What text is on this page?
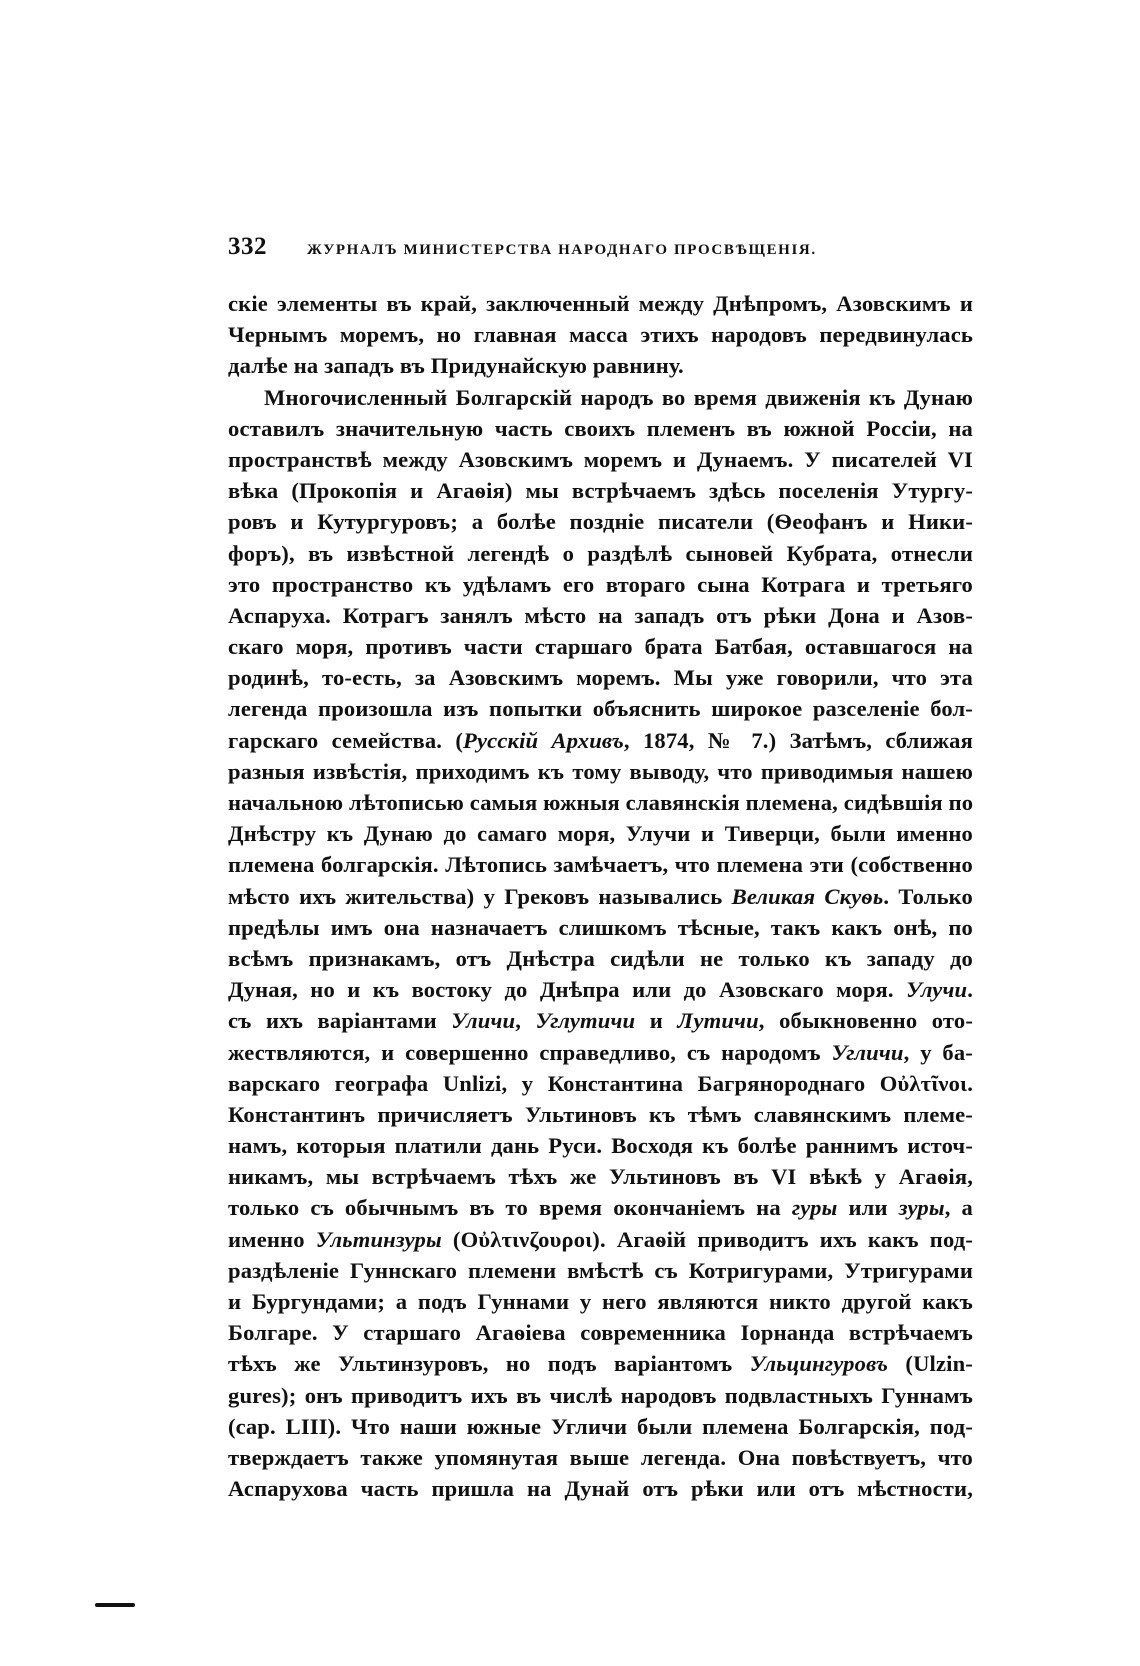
332	ЖУРНАЛЪ МИНИСТЕРСТВА НАРОДНАГО ПРОСВѢЩЕНІЯ.
скіе элементы въ край, заключенный между Днѣпромъ, Азовскимъ и
Чернымъ моремъ, но главная масса этихъ народовъ передвинулась
далѣе на западъ въ Придунайскую равнину.
Многочисленный Болгарскій народъ во время движенія къ Дунаю
оставилъ значительную часть своихъ племенъ въ южной Россіи, на
пространствѣ между Азовскимъ моремъ и Дунаемъ. У писателей VI
вѣка (Прокопія и Агаѳія) мы встрѣчаемъ здѣсь поселенія Утургу-
ровъ и Кутургуровъ; а болѣе поздніе писатели (Ѳеофанъ и Ники-
форъ), въ извѣстной легендѣ о раздѣлѣ сыновей Кубрата, отнесли
это пространство къ удѣламъ его втораго сына Котрага и третьяго
Аспаруха. Котрагъ занялъ мѣсто на западъ отъ рѣки Дона и Азов-
скаго моря, противъ части старшаго брата Батбая, оставшагося на
родинѣ, то-есть, за Азовскимъ моремъ. Мы уже говорили, что эта
легенда произошла изъ попытки объяснить широкое разселеніе бол-
гарскаго семейства. (Русскій Архивъ, 1874, № 7.) Затѣмъ, сближая
разныя извѣстія, приходимъ къ тому выводу, что приводимыя нашею
начальною лѣтописью самыя южныя славянскія племена, сидѣвшія по
Днѣстру къ Дунаю до самаго моря, Улучи и Тиверци, были именно
племена болгарскія. Лѣтопись замѣчаетъ, что племена эти (собственно
мѣсто ихъ жительства) у Грековъ назывались Великая Скуѳь. Только
предѣлы имъ она назначаетъ слишкомъ тѣсные, такъ какъ онѣ, по
всѣмъ признакамъ, отъ Днѣстра сидѣли не только къ западу до
Дуная, но и къ востоку до Днѣпра или до Азовскаго моря. Улучи.
съ ихъ варіантами Уличи, Углутичи и Лутичи, обыкновенно ото-
жествляются, и совершенно справедливо, съ народомъ Угличи, у ба-
варскаго географа Unlizi, у Константина Багрянороднаго Οὐλτῖνοι.
Константинъ причисляетъ Ультиновъ къ тѣмъ славянскимъ племе-
намъ, которыя платили дань Руси. Восходя къ болѣе раннимъ источ-
никамъ, мы встрѣчаемъ тѣхъ же Ультиновъ въ VI вѣкѣ у Агаѳія,
только съ обычнымъ въ то время окончаніемъ на гуры или зуры, а
именно Ультинзуры (Οὐλτινζουροι). Агаѳій приводитъ ихъ какъ под-
раздѣленіе Гуннскаго племени вмѣстѣ съ Котригурами, Утригурами
и Бургундами; а подъ Гуннами у него являются никто другой какъ
Болгаре. У старшаго Агаѳіева современника Іорнанда встрѣчаемъ
тѣхъ же Ультинзуровъ, но подъ варіантомъ Ульцингуровъ (Ulzin-
gures); онъ приводитъ ихъ въ числѣ народовъ подвластныхъ Гуннамъ
(cap. LIII). Что наши южные Угличи были племена Болгарскія, под-
тверждаетъ также упомянутая выше легенда. Она повѣствуетъ, что
Аспарухова часть пришла на Дунай отъ рѣки или отъ мѣстности,
